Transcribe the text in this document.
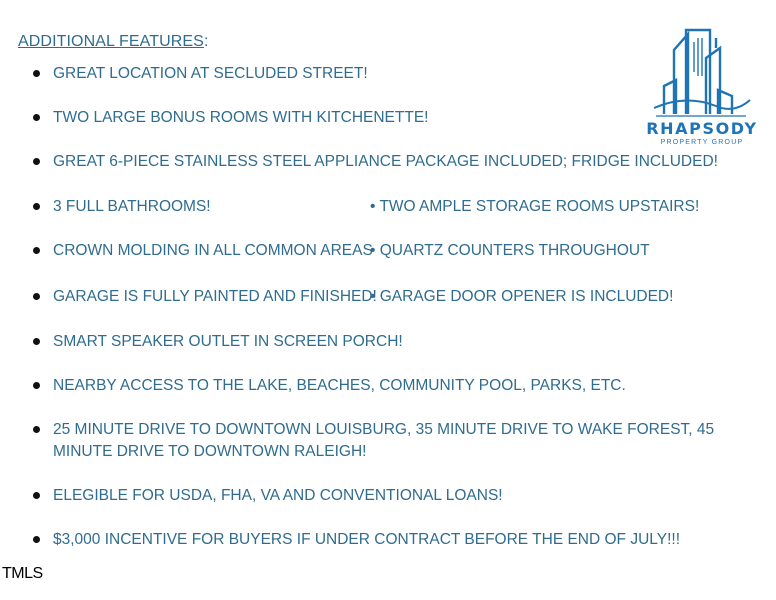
ADDITIONAL FEATURES:
GREAT LOCATION AT SECLUDED STREET!
TWO LARGE BONUS ROOMS WITH KITCHENETTE!
GREAT 6-PIECE STAINLESS STEEL APPLIANCE PACKAGE INCLUDED; FRIDGE INCLUDED!
3 FULL BATHROOMS!	• TWO AMPLE STORAGE ROOMS UPSTAIRS!
CROWN MOLDING IN ALL COMMON AREAS
• QUARTZ COUNTERS THROUGHOUT
GARAGE IS FULLY PAINTED AND FINISHED!
• GARAGE DOOR OPENER IS INCLUDED!
SMART SPEAKER OUTLET IN SCREEN PORCH!
NEARBY ACCESS TO THE LAKE, BEACHES, COMMUNITY POOL, PARKS, ETC.
25 MINUTE DRIVE TO DOWNTOWN LOUISBURG, 35 MINUTE DRIVE TO WAKE FOREST, 45 MINUTE DRIVE TO DOWNTOWN RALEIGH!
ELEGIBLE FOR USDA, FHA, VA AND CONVENTIONAL LOANS!
$3,000 INCENTIVE FOR BUYERS IF UNDER CONTRACT BEFORE THE END OF JULY!!!
RHAPSODY
PROPERTY GROUP
TMLS
